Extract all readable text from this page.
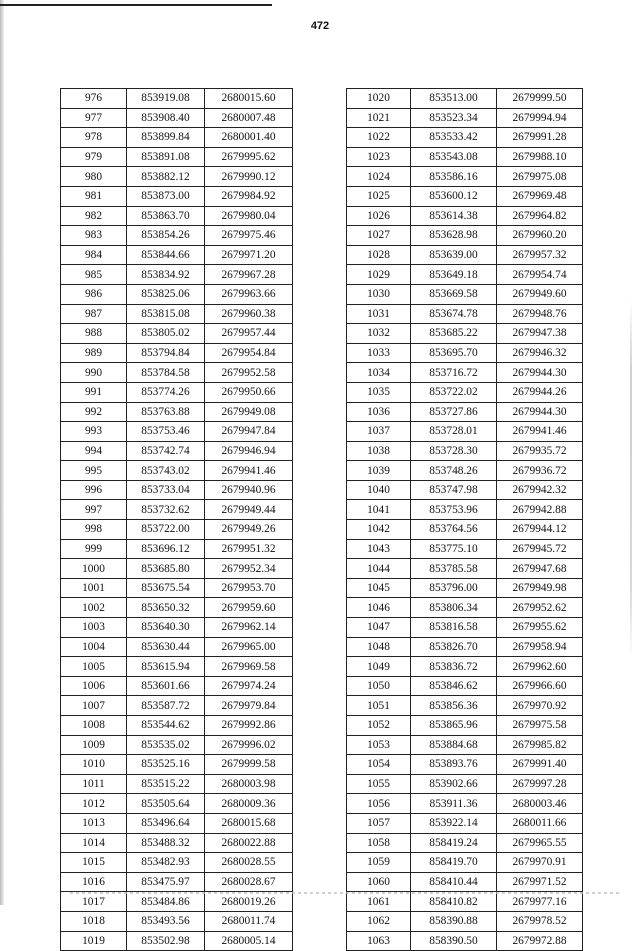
472
976	853919.08	2680015.60
977	853908.40	2680007.48
978	853899.84	2680001.40
979	853891.08	2679995.62
980	853882.12	2679990.12
981	853873.00	2679984.92
982	853863.70	2679980.04
983	853854.26	2679975.46
984	853844.66	2679971.20
985	853834.92	2679967.28
986	853825.06	2679963.66
987	853815.08	2679960.38
988	853805.02	2679957.44
989	853794.84	2679954.84
990	853784.58	2679952.58
991	853774.26	2679950.66
992	853763.88	2679949.08
993	853753.46	2679947.84
994	853742.74	2679946.94
995	853743.02	2679941.46
996	853733.04	2679940.96
997	853732.62	2679949.44
998	853722.00	2679949.26
999	853696.12	2679951.32
1000	853685.80	2679952.34
1001	853675.54	2679953.70
1002	853650.32	2679959.60
1003	853640.30	2679962.14
1004	853630.44	2679965.00
1005	853615.94	2679969.58
1006	853601.66	2679974.24
1007	853587.72	2679979.84
1008	853544.62	2679992.86
1009	853535.02	2679996.02
1010	853525.16	2679999.58
1011	853515.22	2680003.98
1012	853505.64	2680009.36
1013	853496.64	2680015.68
1014	853488.32	2680022.88
1015	853482.93	2680028.55
1016	853475.97	2680028.67
1017	853484.86	2680019.26
1018	853493.56	2680011.74
1019	853502.98	2680005.14
1020	853513.00	2679999.50
1021	853523.34	2679994.94
1022	853533.42	2679991.28
1023	853543.08	2679988.10
1024	853586.16	2679975.08
1025	853600.12	2679969.48
1026	853614.38	2679964.82
1027	853628.98	2679960.20
1028	853639.00	2679957.32
1029	853649.18	2679954.74
1030	853669.58	2679949.60
1031	853674.78	2679948.76
1032	853685.22	2679947.38
1033	853695.70	2679946.32
1034	853716.72	2679944.30
1035	853722.02	2679944.26
1036	853727.86	2679944.30
1037	853728.01	2679941.46
1038	853728.30	2679935.72
1039	853748.26	2679936.72
1040	853747.98	2679942.32
1041	853753.96	2679942.88
1042	853764.56	2679944.12
1043	853775.10	2679945.72
1044	853785.58	2679947.68
1045	853796.00	2679949.98
1046	853806.34	2679952.62
1047	853816.58	2679955.62
1048	853826.70	2679958.94
1049	853836.72	2679962.60
1050	853846.62	2679966.60
1051	853856.36	2679970.92
1052	853865.96	2679975.58
1053	853884.68	2679985.82
1054	853893.76	2679991.40
1055	853902.66	2679997.28
1056	853911.36	2680003.46
1057	853922.14	2680011.66
1058	858419.24	2679965.55
1059	858419.70	2679970.91
1060	858410.44	2679971.52
1061	858410.82	2679977.16
1062	858390.88	2679978.52
1063	858390.50	2679972.88
